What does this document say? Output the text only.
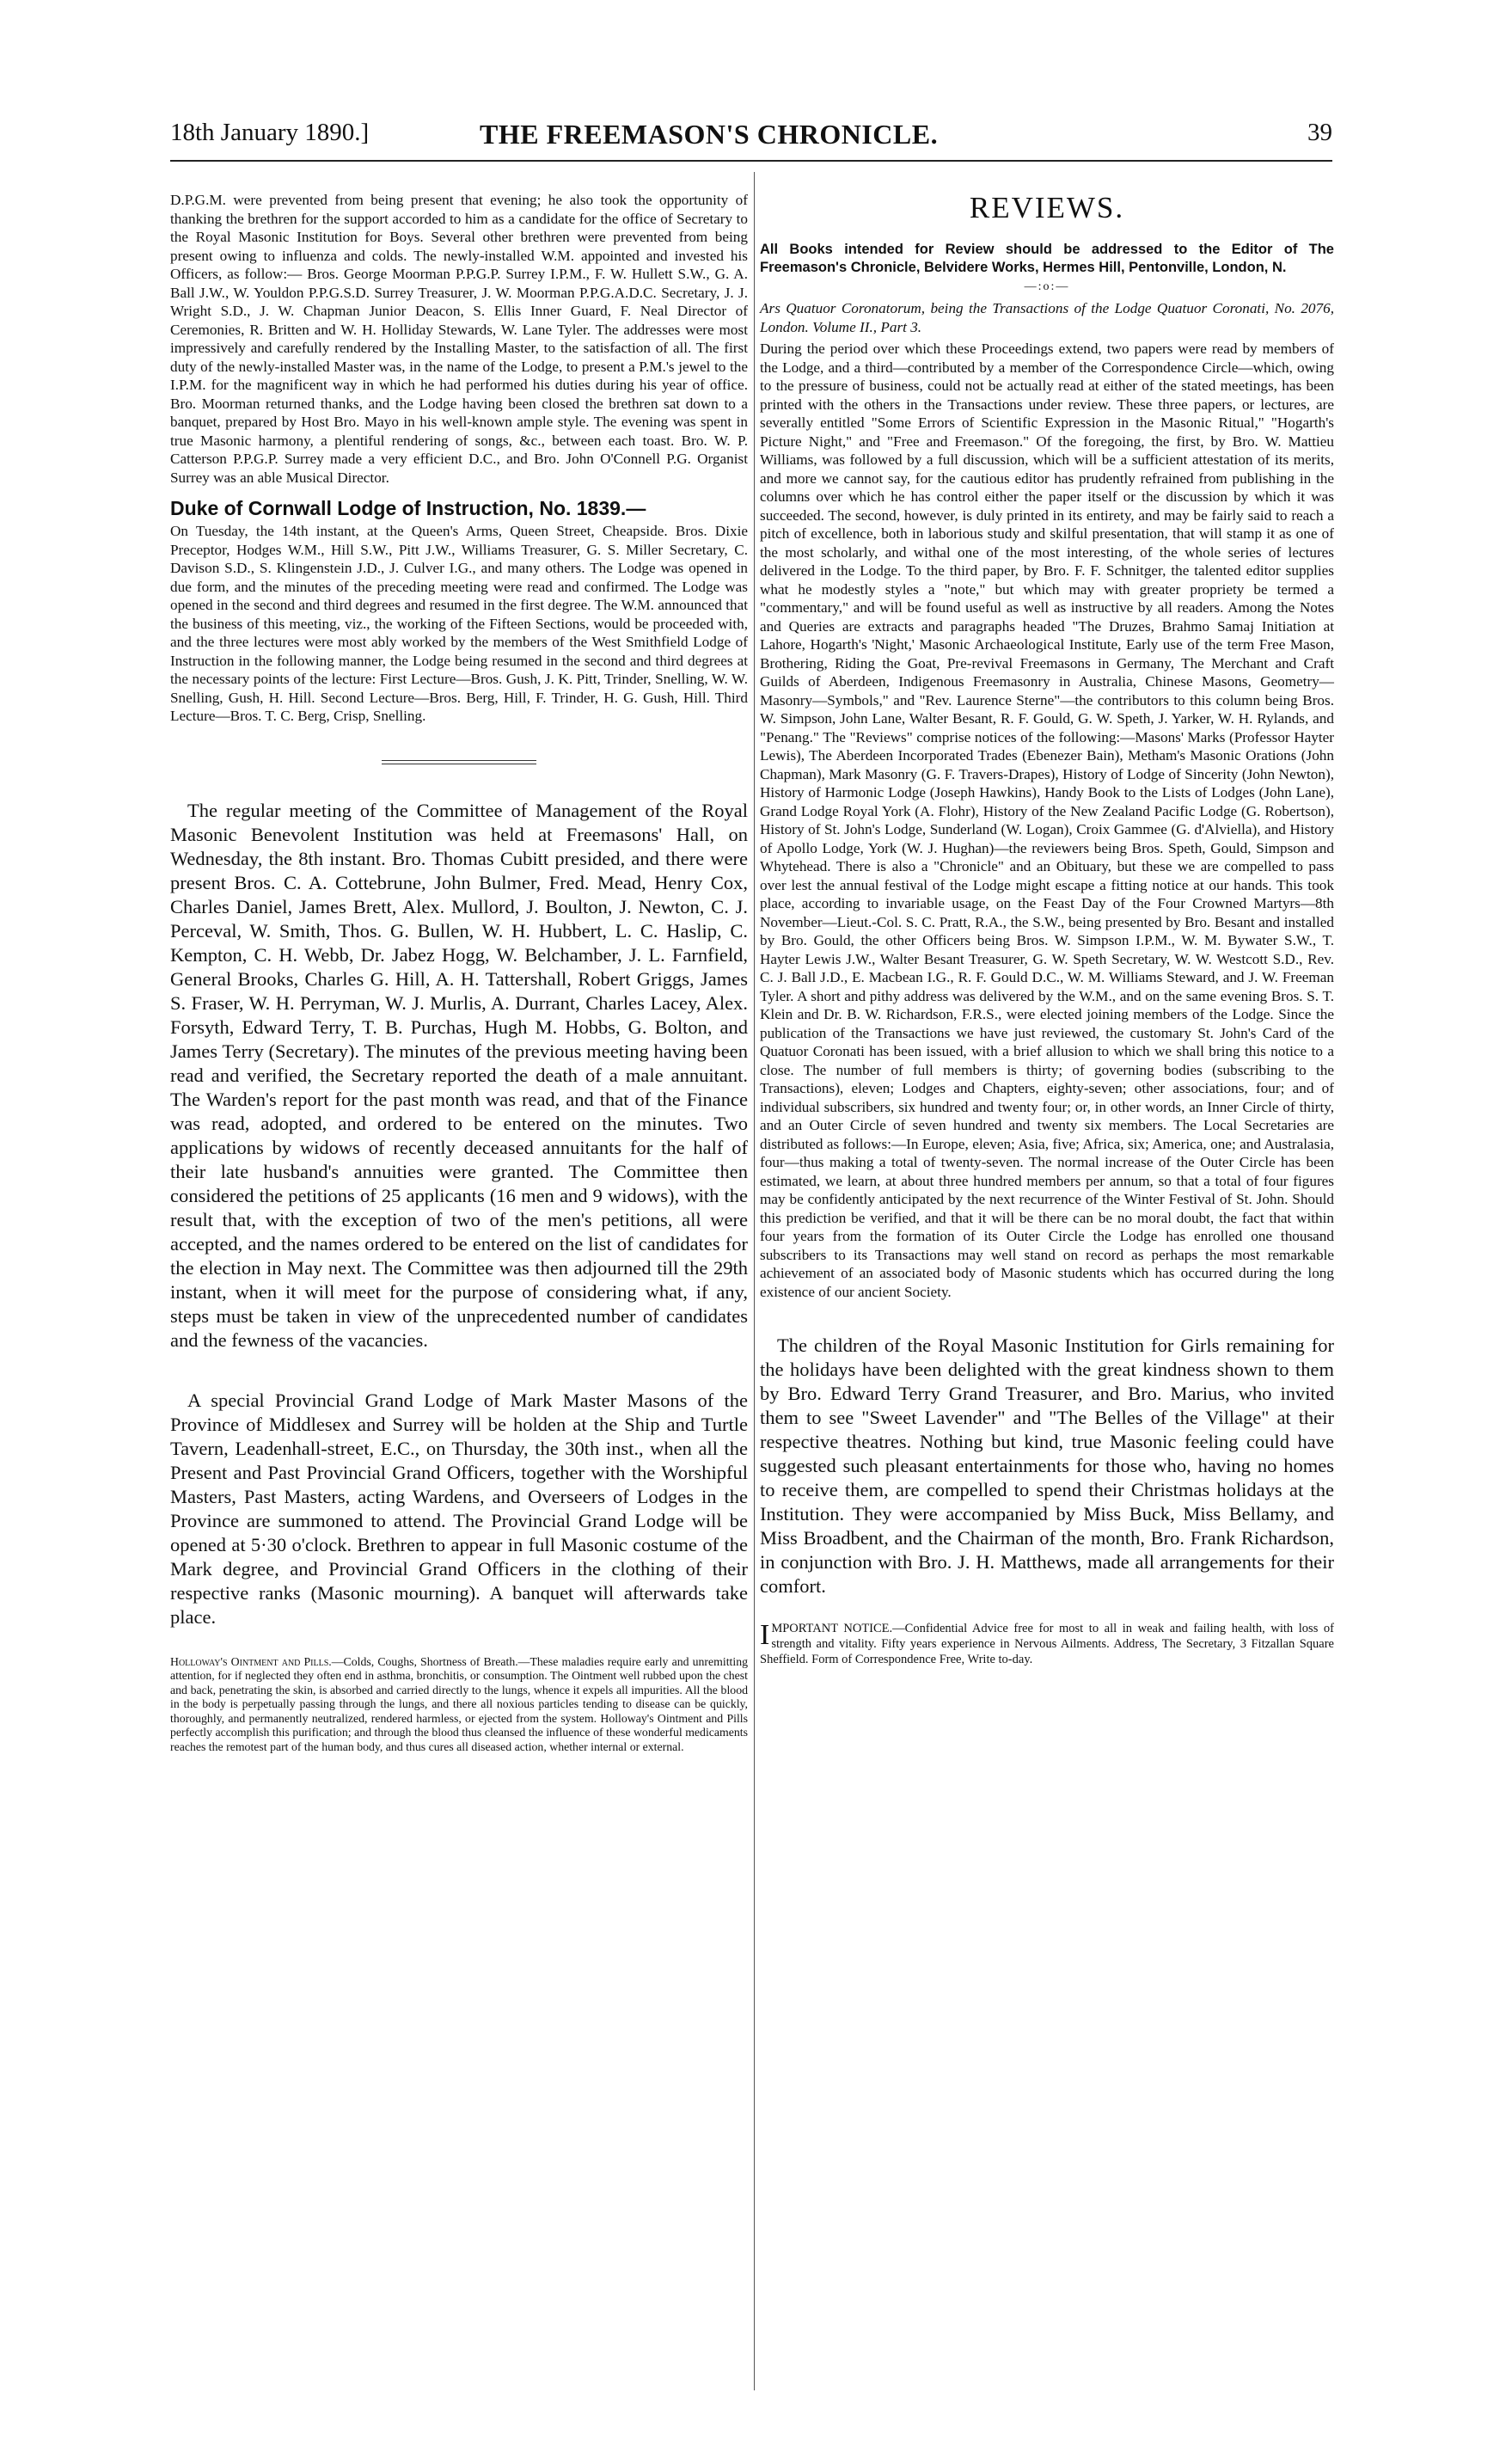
18th January 1890.]	THE FREEMASON'S CHRONICLE.	39

D.P.G.M. were prevented from being present that evening; he also took the opportunity of thanking the brethren for the support accorded to him as a candidate for the office of Secretary to the Royal Masonic Institution for Boys. Several other brethren were prevented from being present owing to influenza and colds. The newly-installed W.M. appointed and invested his Officers, as follow:— Bros. George Moorman P.P.G.P. Surrey I.P.M., F. W. Hullett S.W., G. A. Ball J.W., W. Youldon P.P.G.S.D. Surrey Treasurer, J. W. Moorman P.P.G.A.D.C. Secretary, J. J. Wright S.D., J. W. Chapman Junior Deacon, S. Ellis Inner Guard, F. Neal Director of Ceremonies, R. Britten and W. H. Holliday Stewards, W. Lane Tyler. The addresses were most impressively and carefully rendered by the Installing Master, to the satisfaction of all. The first duty of the newly-installed Master was, in the name of the Lodge, to present a P.M.'s jewel to the I.P.M. for the magnificent way in which he had performed his duties during his year of office. Bro. Moorman returned thanks, and the Lodge having been closed the brethren sat down to a banquet, prepared by Host Bro. Mayo in his well-known ample style. The evening was spent in true Masonic harmony, a plentiful rendering of songs, &c., between each toast. Bro. W. P. Catterson P.P.G.P. Surrey made a very efficient D.C., and Bro. John O'Connell P.G. Organist Surrey was an able Musical Director.

Duke of Cornwall Lodge of Instruction, No. 1839.—

On Tuesday, the 14th instant, at the Queen's Arms, Queen Street, Cheapside. Bros. Dixie Preceptor, Hodges W.M., Hill S.W., Pitt J.W., Williams Treasurer, G. S. Miller Secretary, C. Davison S.D., S. Klingenstein J.D., J. Culver I.G., and many others. The Lodge was opened in due form, and the minutes of the preceding meeting were read and confirmed. The Lodge was opened in the second and third degrees and resumed in the first degree. The W.M. announced that the business of this meeting, viz., the working of the Fifteen Sections, would be proceeded with, and the three lectures were most ably worked by the members of the West Smithfield Lodge of Instruction in the following manner, the Lodge being resumed in the second and third degrees at the necessary points of the lecture: First Lecture—Bros. Gush, J. K. Pitt, Trinder, Snelling, W. W. Snelling, Gush, H. Hill. Second Lecture—Bros. Berg, Hill, F. Trinder, H. G. Gush, Hill. Third Lecture—Bros. T. C. Berg, Crisp, Snelling.

The regular meeting of the Committee of Management of the Royal Masonic Benevolent Institution was held at Freemasons' Hall, on Wednesday, the 8th instant. Bro. Thomas Cubitt presided, and there were present Bros. C. A. Cottebrune, John Bulmer, Fred. Mead, Henry Cox, Charles Daniel, James Brett, Alex. Mullord, J. Boulton, J. Newton, C. J. Perceval, W. Smith, Thos. G. Bullen, W. H. Hubbert, L. C. Haslip, C. Kempton, C. H. Webb, Dr. Jabez Hogg, W. Belchamber, J. L. Farnfield, General Brooks, Charles G. Hill, A. H. Tattershall, Robert Griggs, James S. Fraser, W. H. Perryman, W. J. Murlis, A. Durrant, Charles Lacey, Alex. Forsyth, Edward Terry, T. B. Purchas, Hugh M. Hobbs, G. Bolton, and James Terry (Secretary). The minutes of the previous meeting having been read and verified, the Secretary reported the death of a male annuitant. The Warden's report for the past month was read, and that of the Finance was read, adopted, and ordered to be entered on the minutes. Two applications by widows of recently deceased annuitants for the half of their late husband's annuities were granted. The Committee then considered the petitions of 25 applicants (16 men and 9 widows), with the result that, with the exception of two of the men's petitions, all were accepted, and the names ordered to be entered on the list of candidates for the election in May next. The Committee was then adjourned till the 29th instant, when it will meet for the purpose of considering what, if any, steps must be taken in view of the unprecedented number of candidates and the fewness of the vacancies.

A special Provincial Grand Lodge of Mark Master Masons of the Province of Middlesex and Surrey will be holden at the Ship and Turtle Tavern, Leadenhall-street, E.C., on Thursday, the 30th inst., when all the Present and Past Provincial Grand Officers, together with the Worshipful Masters, Past Masters, acting Wardens, and Overseers of Lodges in the Province are summoned to attend. The Provincial Grand Lodge will be opened at 5·30 o'clock. Brethren to appear in full Masonic costume of the Mark degree, and Provincial Grand Officers in the clothing of their respective ranks (Masonic mourning). A banquet will afterwards take place.

Holloway's Ointment and Pills.—Colds, Coughs, Shortness of Breath.—These maladies require early and unremitting attention, for if neglected they often end in asthma, bronchitis, or consumption. The Ointment well rubbed upon the chest and back, penetrating the skin, is absorbed and carried directly to the lungs, whence it expels all impurities. All the blood in the body is perpetually passing through the lungs, and there all noxious particles tending to disease can be quickly, thoroughly, and permanently neutralized, rendered harmless, or ejected from the system. Holloway's Ointment and Pills perfectly accomplish this purification; and through the blood thus cleansed the influence of these wonderful medicaments reaches the remotest part of the human body, and thus cures all diseased action, whether internal or external.

REVIEWS.

All Books intended for Review should be addressed to the Editor of The Freemason's Chronicle, Belvidere Works, Hermes Hill, Pentonville, London, N.

—:o:—

Ars Quatuor Coronatorum, being the Transactions of the Lodge Quatuor Coronati, No. 2076, London. Volume II., Part 3.

During the period over which these Proceedings extend, two papers were read by members of the Lodge, and a third—contributed by a member of the Correspondence Circle—which, owing to the pressure of business, could not be actually read at either of the stated meetings, has been printed with the others in the Transactions under review. These three papers, or lectures, are severally entitled "Some Errors of Scientific Expression in the Masonic Ritual," "Hogarth's Picture Night," and "Free and Freemason." Of the foregoing, the first, by Bro. W. Mattieu Williams, was followed by a full discussion, which will be a sufficient attestation of its merits, and more we cannot say, for the cautious editor has prudently refrained from publishing in the columns over which he has control either the paper itself or the discussion by which it was succeeded. The second, however, is duly printed in its entirety, and may be fairly said to reach a pitch of excellence, both in laborious study and skilful presentation, that will stamp it as one of the most scholarly, and withal one of the most interesting, of the whole series of lectures delivered in the Lodge. To the third paper, by Bro. F. F. Schnitger, the talented editor supplies what he modestly styles a "note," but which may with greater propriety be termed a "commentary," and will be found useful as well as instructive by all readers. Among the Notes and Queries are extracts and paragraphs headed "The Druzes, Brahmo Samaj Initiation at Lahore, Hogarth's 'Night,' Masonic Archaeological Institute, Early use of the term Free Mason, Brothering, Riding the Goat, Pre-revival Freemasons in Germany, The Merchant and Craft Guilds of Aberdeen, Indigenous Freemasonry in Australia, Chinese Masons, Geometry—Masonry—Symbols," and "Rev. Laurence Sterne"—the contributors to this column being Bros. W. Simpson, John Lane, Walter Besant, R. F. Gould, G. W. Speth, J. Yarker, W. H. Rylands, and "Penang." The "Reviews" comprise notices of the following:—Masons' Marks (Professor Hayter Lewis), The Aberdeen Incorporated Trades (Ebenezer Bain), Metham's Masonic Orations (John Chapman), Mark Masonry (G. F. Travers-Drapes), History of Lodge of Sincerity (John Newton), History of Harmonic Lodge (Joseph Hawkins), Handy Book to the Lists of Lodges (John Lane), Grand Lodge Royal York (A. Flohr), History of the New Zealand Pacific Lodge (G. Robertson), History of St. John's Lodge, Sunderland (W. Logan), Croix Gammee (G. d'Alviella), and History of Apollo Lodge, York (W. J. Hughan)—the reviewers being Bros. Speth, Gould, Simpson and Whytehead. There is also a "Chronicle" and an Obituary, but these we are compelled to pass over lest the annual festival of the Lodge might escape a fitting notice at our hands. This took place, according to invariable usage, on the Feast Day of the Four Crowned Martyrs—8th November—Lieut.-Col. S. C. Pratt, R.A., the S.W., being presented by Bro. Besant and installed by Bro. Gould, the other Officers being Bros. W. Simpson I.P.M., W. M. Bywater S.W., T. Hayter Lewis J.W., Walter Besant Treasurer, G. W. Speth Secretary, W. W. Westcott S.D., Rev. C. J. Ball J.D., E. Macbean I.G., R. F. Gould D.C., W. M. Williams Steward, and J. W. Freeman Tyler. A short and pithy address was delivered by the W.M., and on the same evening Bros. S. T. Klein and Dr. B. W. Richardson, F.R.S., were elected joining members of the Lodge. Since the publication of the Transactions we have just reviewed, the customary St. John's Card of the Quatuor Coronati has been issued, with a brief allusion to which we shall bring this notice to a close. The number of full members is thirty; of governing bodies (subscribing to the Transactions), eleven; Lodges and Chapters, eighty-seven; other associations, four; and of individual subscribers, six hundred and twenty four; or, in other words, an Inner Circle of thirty, and an Outer Circle of seven hundred and twenty six members. The Local Secretaries are distributed as follows:—In Europe, eleven; Asia, five; Africa, six; America, one; and Australasia, four—thus making a total of twenty-seven. The normal increase of the Outer Circle has been estimated, we learn, at about three hundred members per annum, so that a total of four figures may be confidently anticipated by the next recurrence of the Winter Festival of St. John. Should this prediction be verified, and that it will be there can be no moral doubt, the fact that within four years from the formation of its Outer Circle the Lodge has enrolled one thousand subscribers to its Transactions may well stand on record as perhaps the most remarkable achievement of an associated body of Masonic students which has occurred during the long existence of our ancient Society.

The children of the Royal Masonic Institution for Girls remaining for the holidays have been delighted with the great kindness shown to them by Bro. Edward Terry Grand Treasurer, and Bro. Marius, who invited them to see "Sweet Lavender" and "The Belles of the Village" at their respective theatres. Nothing but kind, true Masonic feeling could have suggested such pleasant entertainments for those who, having no homes to receive them, are compelled to spend their Christmas holidays at the Institution. They were accompanied by Miss Buck, Miss Bellamy, and Miss Broadbent, and the Chairman of the month, Bro. Frank Richardson, in conjunction with Bro. J. H. Matthews, made all arrangements for their comfort.

IMPORTANT NOTICE.—Confidential Advice free for most to all in weak and failing health, with loss of strength and vitality. Fifty years experience in Nervous Ailments. Address, The Secretary, 3 Fitzallan Square Sheffield. Form of Correspondence Free, Write to-day.
